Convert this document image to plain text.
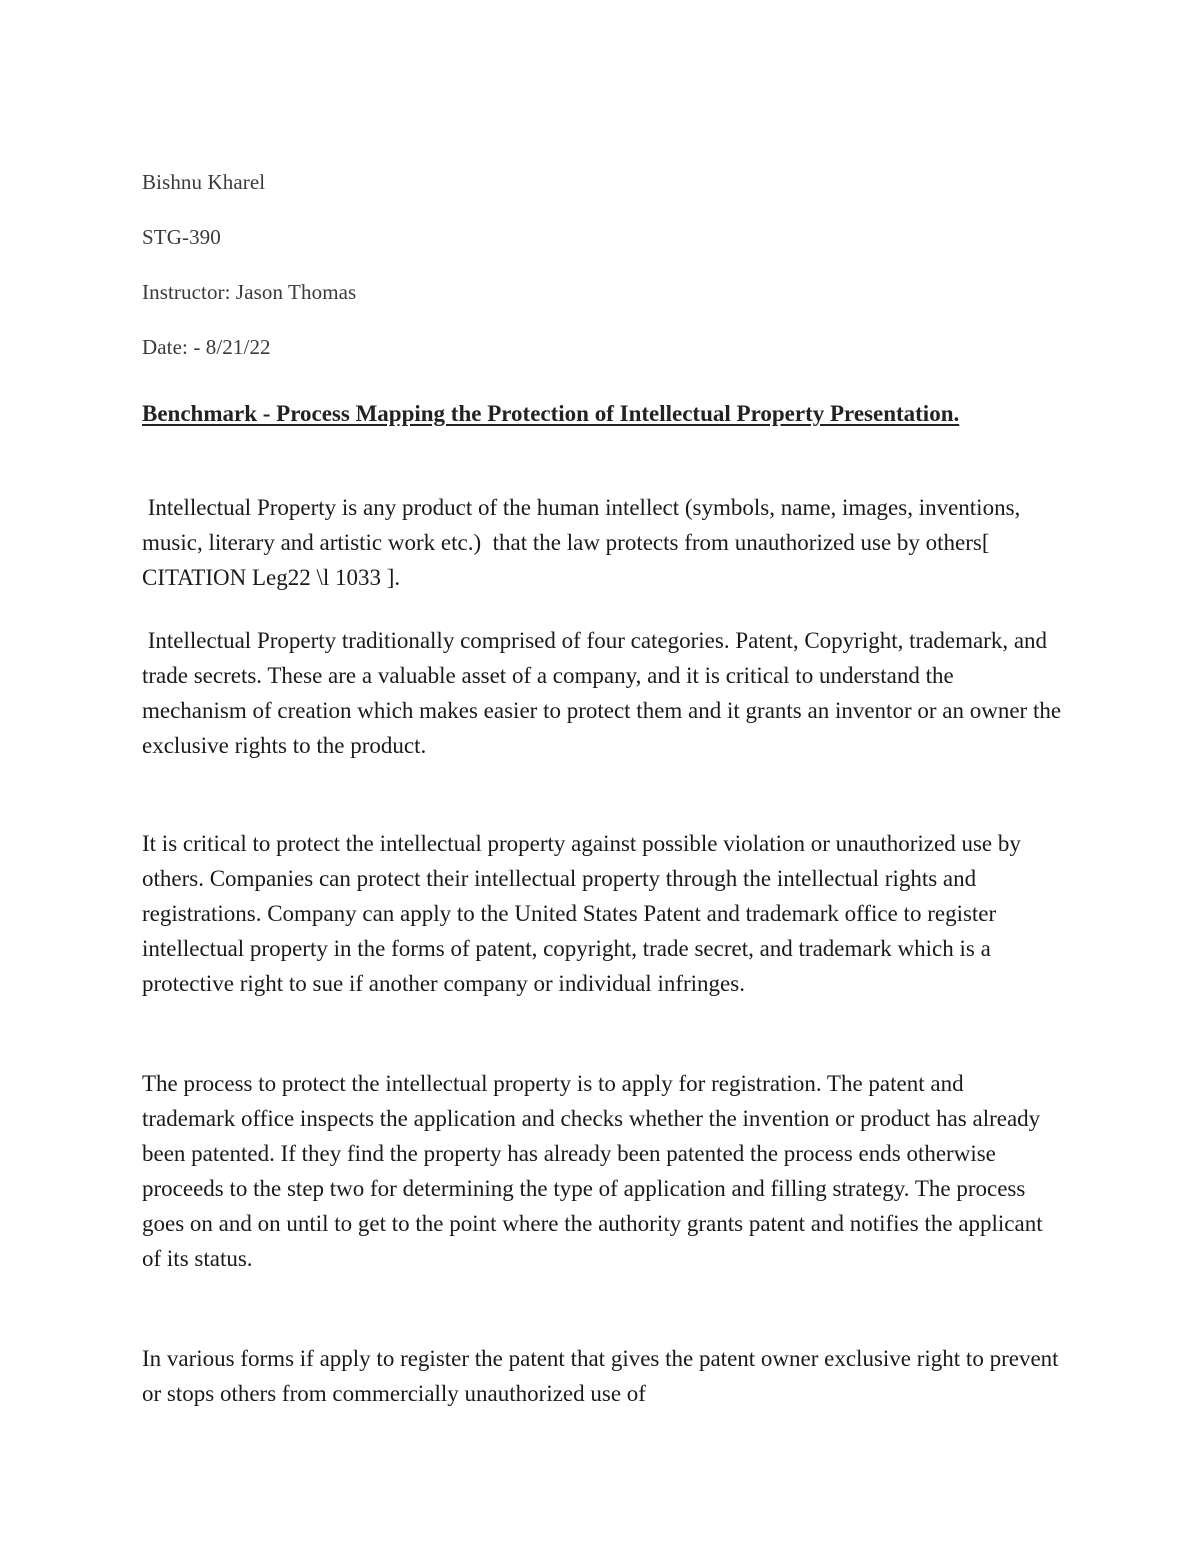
Bishnu Kharel
STG-390
Instructor: Jason Thomas
Date: - 8/21/22
Benchmark - Process Mapping the Protection of Intellectual Property Presentation.

Intellectual Property is any product of the human intellect (symbols, name, images, inventions, music, literary and artistic work etc.)  that the law protects from unauthorized use by others[ CITATION Leg22 \l 1033 ].

Intellectual Property traditionally comprised of four categories. Patent, Copyright, trademark, and trade secrets. These are a valuable asset of a company, and it is critical to understand the mechanism of creation which makes easier to protect them and it grants an inventor or an owner the exclusive rights to the product.

It is critical to protect the intellectual property against possible violation or unauthorized use by others. Companies can protect their intellectual property through the intellectual rights and registrations. Company can apply to the United States Patent and trademark office to register intellectual property in the forms of patent, copyright, trade secret, and trademark which is a protective right to sue if another company or individual infringes.

The process to protect the intellectual property is to apply for registration. The patent and trademark office inspects the application and checks whether the invention or product has already been patented. If they find the property has already been patented the process ends otherwise proceeds to the step two for determining the type of application and filling strategy. The process goes on and on until to get to the point where the authority grants patent and notifies the applicant of its status.

In various forms if apply to register the patent that gives the patent owner exclusive right to prevent or stops others from commercially unauthorized use of
